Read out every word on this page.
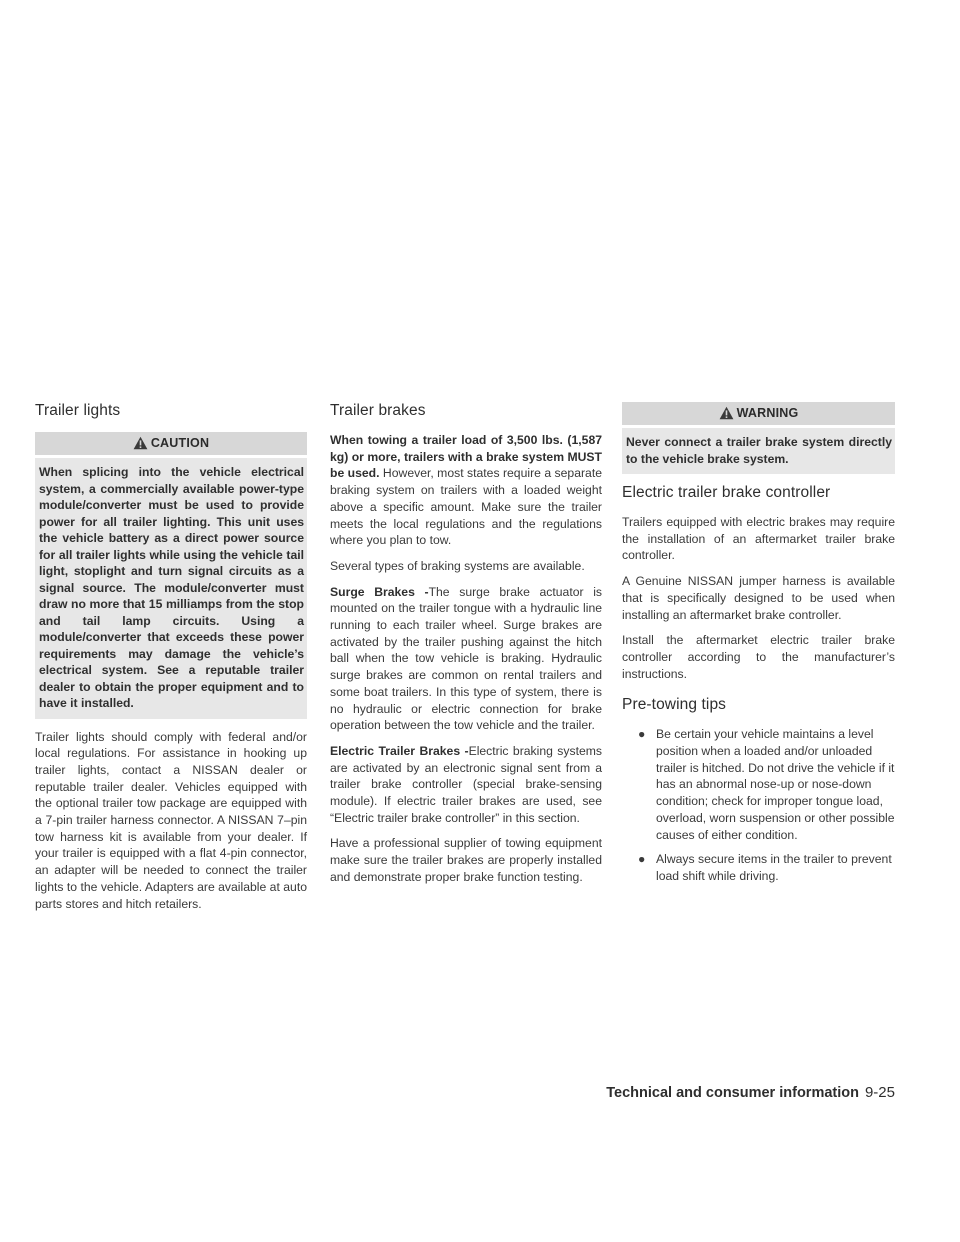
Trailer lights
CAUTION
When splicing into the vehicle electrical system, a commercially available power-type module/converter must be used to provide power for all trailer lighting. This unit uses the vehicle battery as a direct power source for all trailer lights while using the vehicle tail light, stoplight and turn signal circuits as a signal source. The module/converter must draw no more that 15 milliamps from the stop and tail lamp circuits. Using a module/converter that exceeds these power requirements may damage the vehicle’s electrical system. See a reputable trailer dealer to obtain the proper equipment and to have it installed.

Trailer lights should comply with federal and/or local regulations. For assistance in hooking up trailer lights, contact a NISSAN dealer or reputable trailer dealer. Vehicles equipped with the optional trailer tow package are equipped with a 7-pin trailer harness connector. A NISSAN 7–pin tow harness kit is available from your dealer. If your trailer is equipped with a flat 4-pin connector, an adapter will be needed to connect the trailer lights to the vehicle. Adapters are available at auto parts stores and hitch retailers.

Trailer brakes

When towing a trailer load of 3,500 lbs. (1,587 kg) or more, trailers with a brake system MUST be used. However, most states require a separate braking system on trailers with a loaded weight above a specific amount. Make sure the trailer meets the local regulations and the regulations where you plan to tow.

Several types of braking systems are available.

Surge Brakes -The surge brake actuator is mounted on the trailer tongue with a hydraulic line running to each trailer wheel. Surge brakes are activated by the trailer pushing against the hitch ball when the tow vehicle is braking. Hydraulic surge brakes are common on rental trailers and some boat trailers. In this type of system, there is no hydraulic or electric connection for brake operation between the tow vehicle and the trailer.

Electric Trailer Brakes -Electric braking systems are activated by an electronic signal sent from a trailer brake controller (special brake-sensing module). If electric trailer brakes are used, see “Electric trailer brake controller” in this section.

Have a professional supplier of towing equipment make sure the trailer brakes are properly installed and demonstrate proper brake function testing.

WARNING
Never connect a trailer brake system directly to the vehicle brake system.
Electric trailer brake controller

Trailers equipped with electric brakes may require the installation of an aftermarket trailer brake controller.

A Genuine NISSAN jumper harness is available that is specifically designed to be used when installing an aftermarket brake controller.

Install the aftermarket electric trailer brake controller according to the manufacturer’s instructions.

Pre-towing tips
● Be certain your vehicle maintains a level position when a loaded and/or unloaded trailer is hitched. Do not drive the vehicle if it has an abnormal nose-up or nose-down condition; check for improper tongue load, overload, worn suspension or other possible causes of either condition.
● Always secure items in the trailer to prevent load shift while driving.
Technical and consumer information 9-25
